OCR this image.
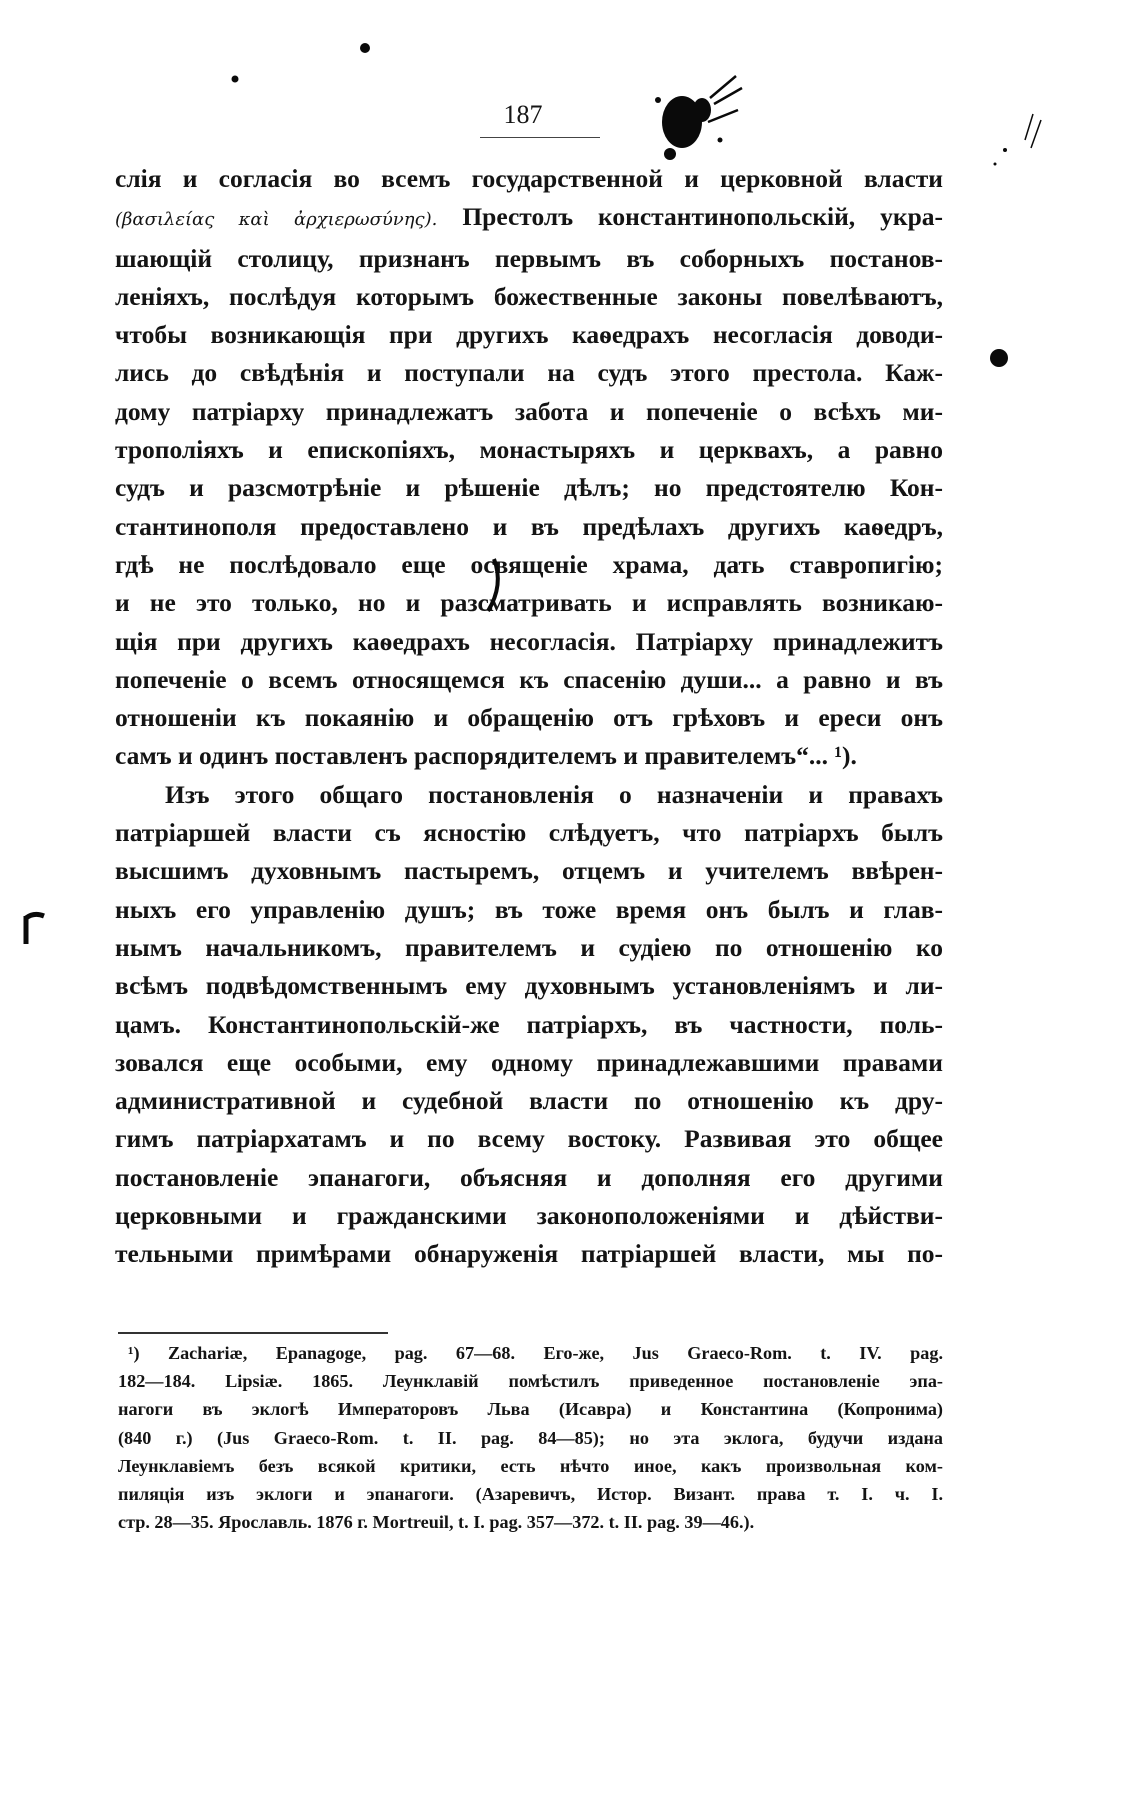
187
слія и согласія во всемъ государственной и церковной власти
(βασιλείας καὶ ἀρχιερωσύνης). Престолъ константинопольскій, укра-
шающій столицу, признанъ первымъ въ соборныхъ постанов-
леніяхъ, послѣдуя которымъ божественные законы повелѣваютъ,
чтобы возникающія при другихъ каѳедрахъ несогласія доводи-
лись до свѣдѣнія и поступали на судъ этого престола. Каж-
дому патріарху принадлежатъ забота и попеченіе о всѣхъ ми-
трополіяхъ и епископіяхъ, монастыряхъ и церквахъ, а равно
судъ и разсмотрѣніе и рѣшеніе дѣлъ; но предстоятелю Кон-
стантинополя предоставлено и въ предѣлахъ другихъ каѳедръ,
гдѣ не послѣдовало еще освященіе храма, дать ставропигію;
и не это только, но и разсматривать и исправлять возникаю-
щія при другихъ каѳедрахъ несогласія. Патріарху принадлежитъ
попеченіе о всемъ относящемся къ спасенію души... а равно и въ
отношеніи къ покаянію и обращенію отъ грѣховъ и ереси онъ
самъ и одинъ поставленъ распорядителемъ и правителемъ“... ¹).
Изъ этого общаго постановленія о назначеніи и правахъ
патріаршей власти съ ясностію слѣдуетъ, что патріархъ былъ
высшимъ духовнымъ пастыремъ, отцемъ и учителемъ ввѣрен-
ныхъ его управленію душъ; въ тоже время онъ былъ и глав-
нымъ начальникомъ, правителемъ и судіею по отношенію ко
всѣмъ подвѣдомственнымъ ему духовнымъ установленіямъ и ли-
цамъ. Константинопольскій-же патріархъ, въ частности, поль-
зовался еще особыми, ему одному принадлежавшими правами
административной и судебной власти по отношенію къ дру-
гимъ патріархатамъ и по всему востоку. Развивая это общее
постановленіе эпанагоги, объясняя и дополняя его другими
церковными и гражданскими законоположеніями и дѣйстви-
тельными примѣрами обнаруженія патріаршей власти, мы по-
¹) Zachariæ, Epanagoge, pag. 67—68. Его-же, Jus Graeco-Rom. t. IV. pag.
182—184. Lipsiæ. 1865. Леунклавій помѣстилъ приведенное постановленіе эпа-
нагоги въ эклогѣ Императоровъ Льва (Исавра) и Константина (Копронима)
(840 г.) (Jus Graeco-Rom. t. II. pag. 84—85); но эта эклога, будучи издана
Леунклавіемъ безъ всякой критики, есть нѣчто иное, какъ произвольная ком-
пиляція изъ эклоги и эпанагоги. (Азаревичъ, Истор. Визант. права т. I. ч. I.
стр. 28—35. Ярославль. 1876 г. Mortreuil, t. I. pag. 357—372. t. II. pag. 39—46.).
